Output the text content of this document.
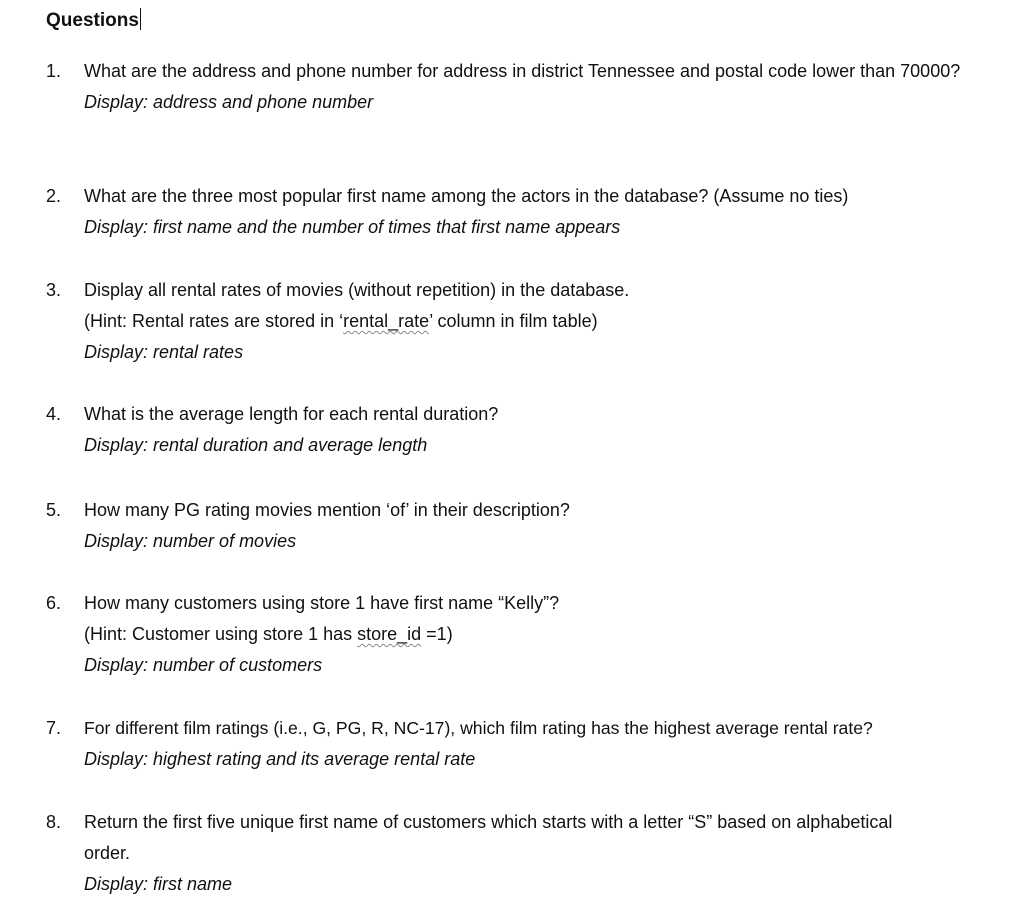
Questions
1. What are the address and phone number for address in district Tennessee and postal code lower than 70000?
Display: address and phone number
2. What are the three most popular first name among the actors in the database? (Assume no ties)
Display: first name and the number of times that first name appears
3. Display all rental rates of movies (without repetition) in the database.
(Hint: Rental rates are stored in ‘rental_rate’ column in film table)
Display: rental rates
4. What is the average length for each rental duration?
Display: rental duration and average length
5. How many PG rating movies mention ‘of’ in their description?
Display: number of movies
6. How many customers using store 1 have first name “Kelly”?
(Hint: Customer using store 1 has store_id =1)
Display: number of customers
7. For different film ratings (i.e., G, PG, R, NC-17), which film rating has the highest average rental rate?
Display: highest rating and its average rental rate
8. Return the first five unique first name of customers which starts with a letter “S” based on alphabetical order.
Display: first name
